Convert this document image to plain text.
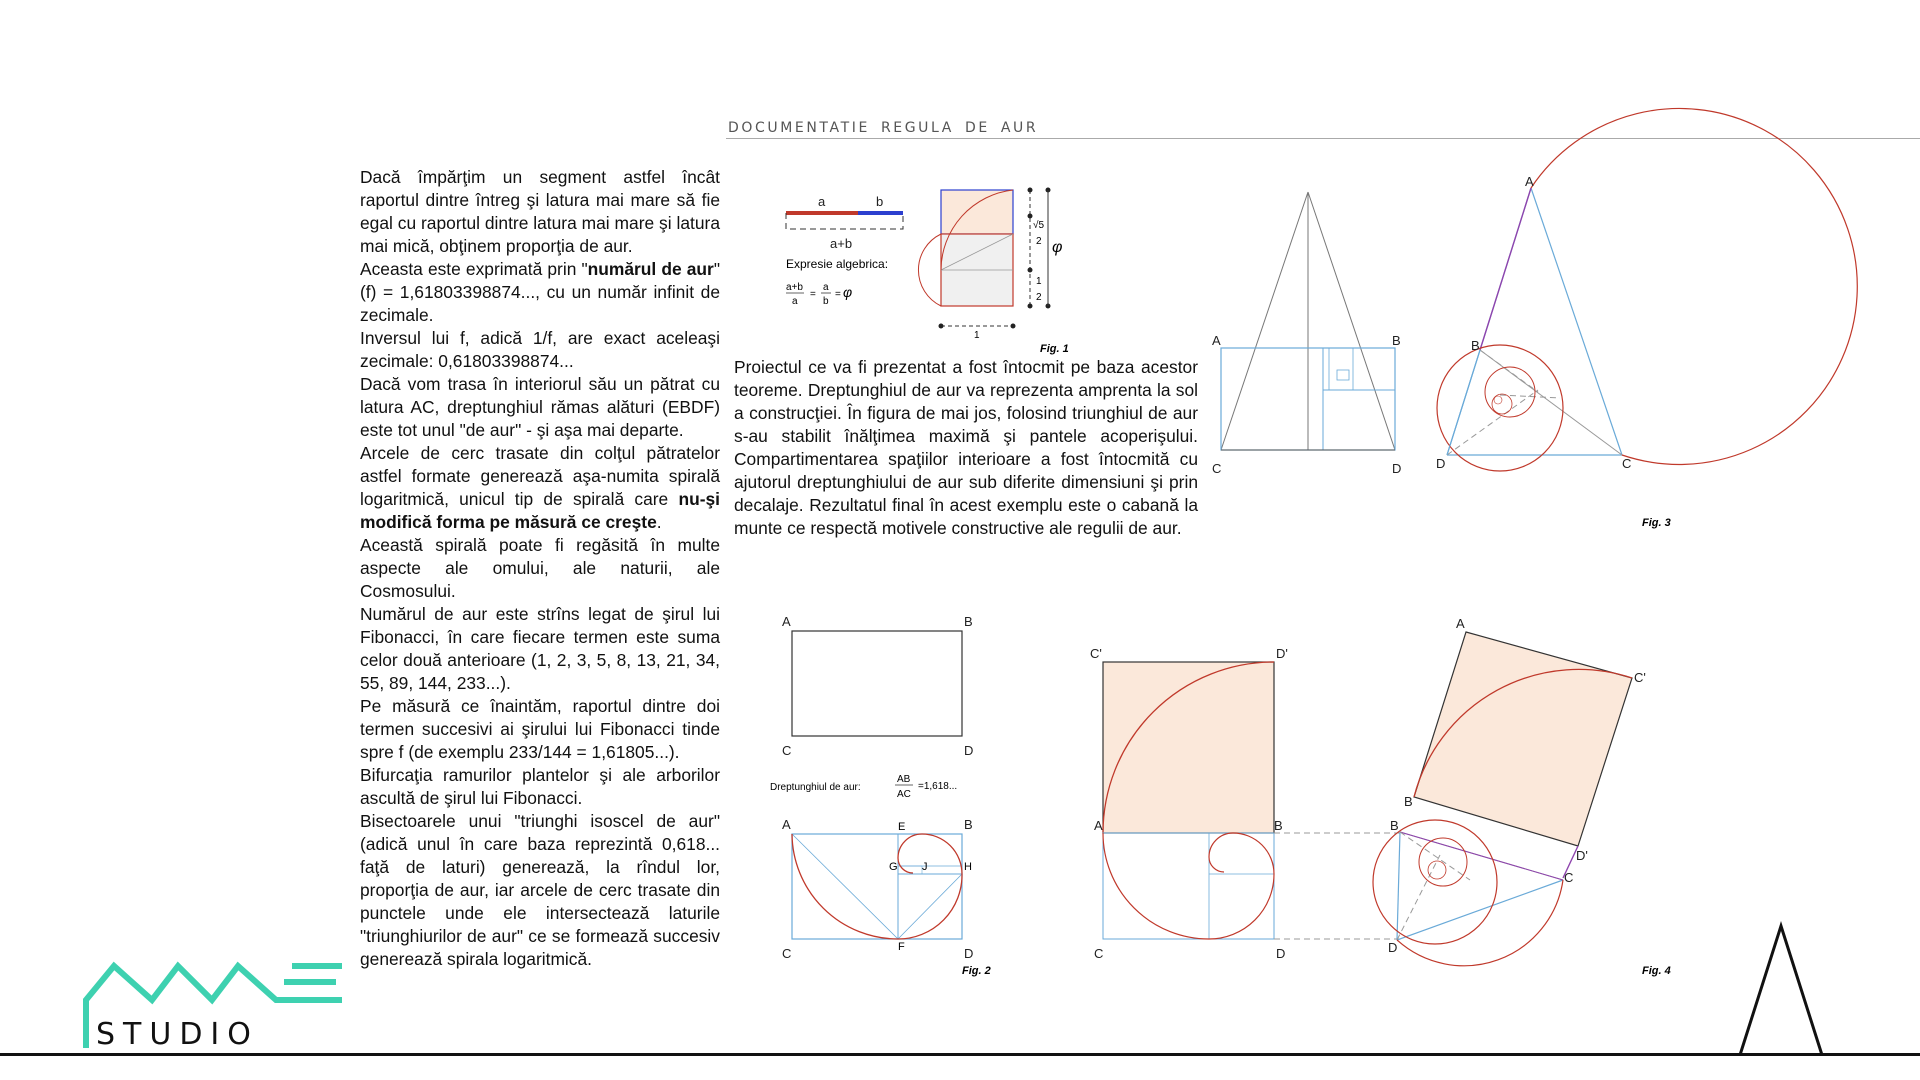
DOCUMENTATIE REGULA DE AUR

Dacă împărţim un segment astfel încât raportul dintre întreg şi latura mai mare să fie egal cu raportul dintre latura mai mare şi latura mai mică, obţinem proporţia de aur.

Aceasta este exprimată prin "numărul de aur" (f) = 1,61803398874..., cu un număr infinit de zecimale.

Inversul lui f, adică 1/f, are exact aceleaşi zecimale: 0,61803398874...

Dacă vom trasa în interiorul său un pătrat cu latura AC, dreptunghiul rămas alături (EBDF) este tot unul "de aur" - şi aşa mai departe.

Arcele de cerc trasate din colţul pătratelor astfel formate generează aşa-numita spirală logaritmică, unicul tip de spirală care nu-şi modifică forma pe măsură ce creşte.

Această spirală poate fi regăsită în multe aspecte ale omului, ale naturii, ale Cosmosului.

Numărul de aur este strîns legat de şirul lui Fibonacci, în care fiecare termen este suma celor două anterioare (1, 2, 3, 5, 8, 13, 21, 34, 55, 89, 144, 233...).

Pe măsură ce înaintăm, raportul dintre doi termen succesivi ai şirului lui Fibonacci tinde spre f (de exemplu 233/144 = 1,61805...).

Bifurcaţia ramurilor plantelor şi ale arborilor ascultă de şirul lui Fibonacci.

Bisectoarele unui "triunghi isoscel de aur" (adică unul în care baza reprezintă 0,618... faţă de laturi) generează, la rîndul lor, proporţia de aur, iar arcele de cerc trasate din punctele unde ele intersectează laturile "triunghiurilor de aur" ce se formează succesiv generează spirala logaritmică.

Proiectul ce va fi prezentat a fost întocmit pe baza acestor teoreme. Dreptunghiul de aur va reprezenta amprenta la sol a construcţiei. În figura de mai jos, folosind triunghiul de aur s-au stabilit înălţimea maximă şi pantele acoperişului. Compartimentarea spaţiilor interioare a fost întocmită cu ajutorul dreptunghiului de aur sub diferite dimensiuni şi prin decalaje. Rezultatul final în acest exemplu este o cabană la munte ce respectă motivele constructive ale regulii de aur.

a	b
a+b
Expresie algebrica:
a+b
a
=
a
b
= φ
√5
2 φ
1
2
1
Fig. 1
A	B
C	D
A
B
C
D
Fig. 3
A	B
C	D
Dreptunghiul de aur:
AB
AC
=1,618...
A	B
C	D
E
F
G	H
J
Fig. 2
C'	D'
A	B
C	D
A
C'
B
D'
C
B
D
Fig. 4
STUDIO
